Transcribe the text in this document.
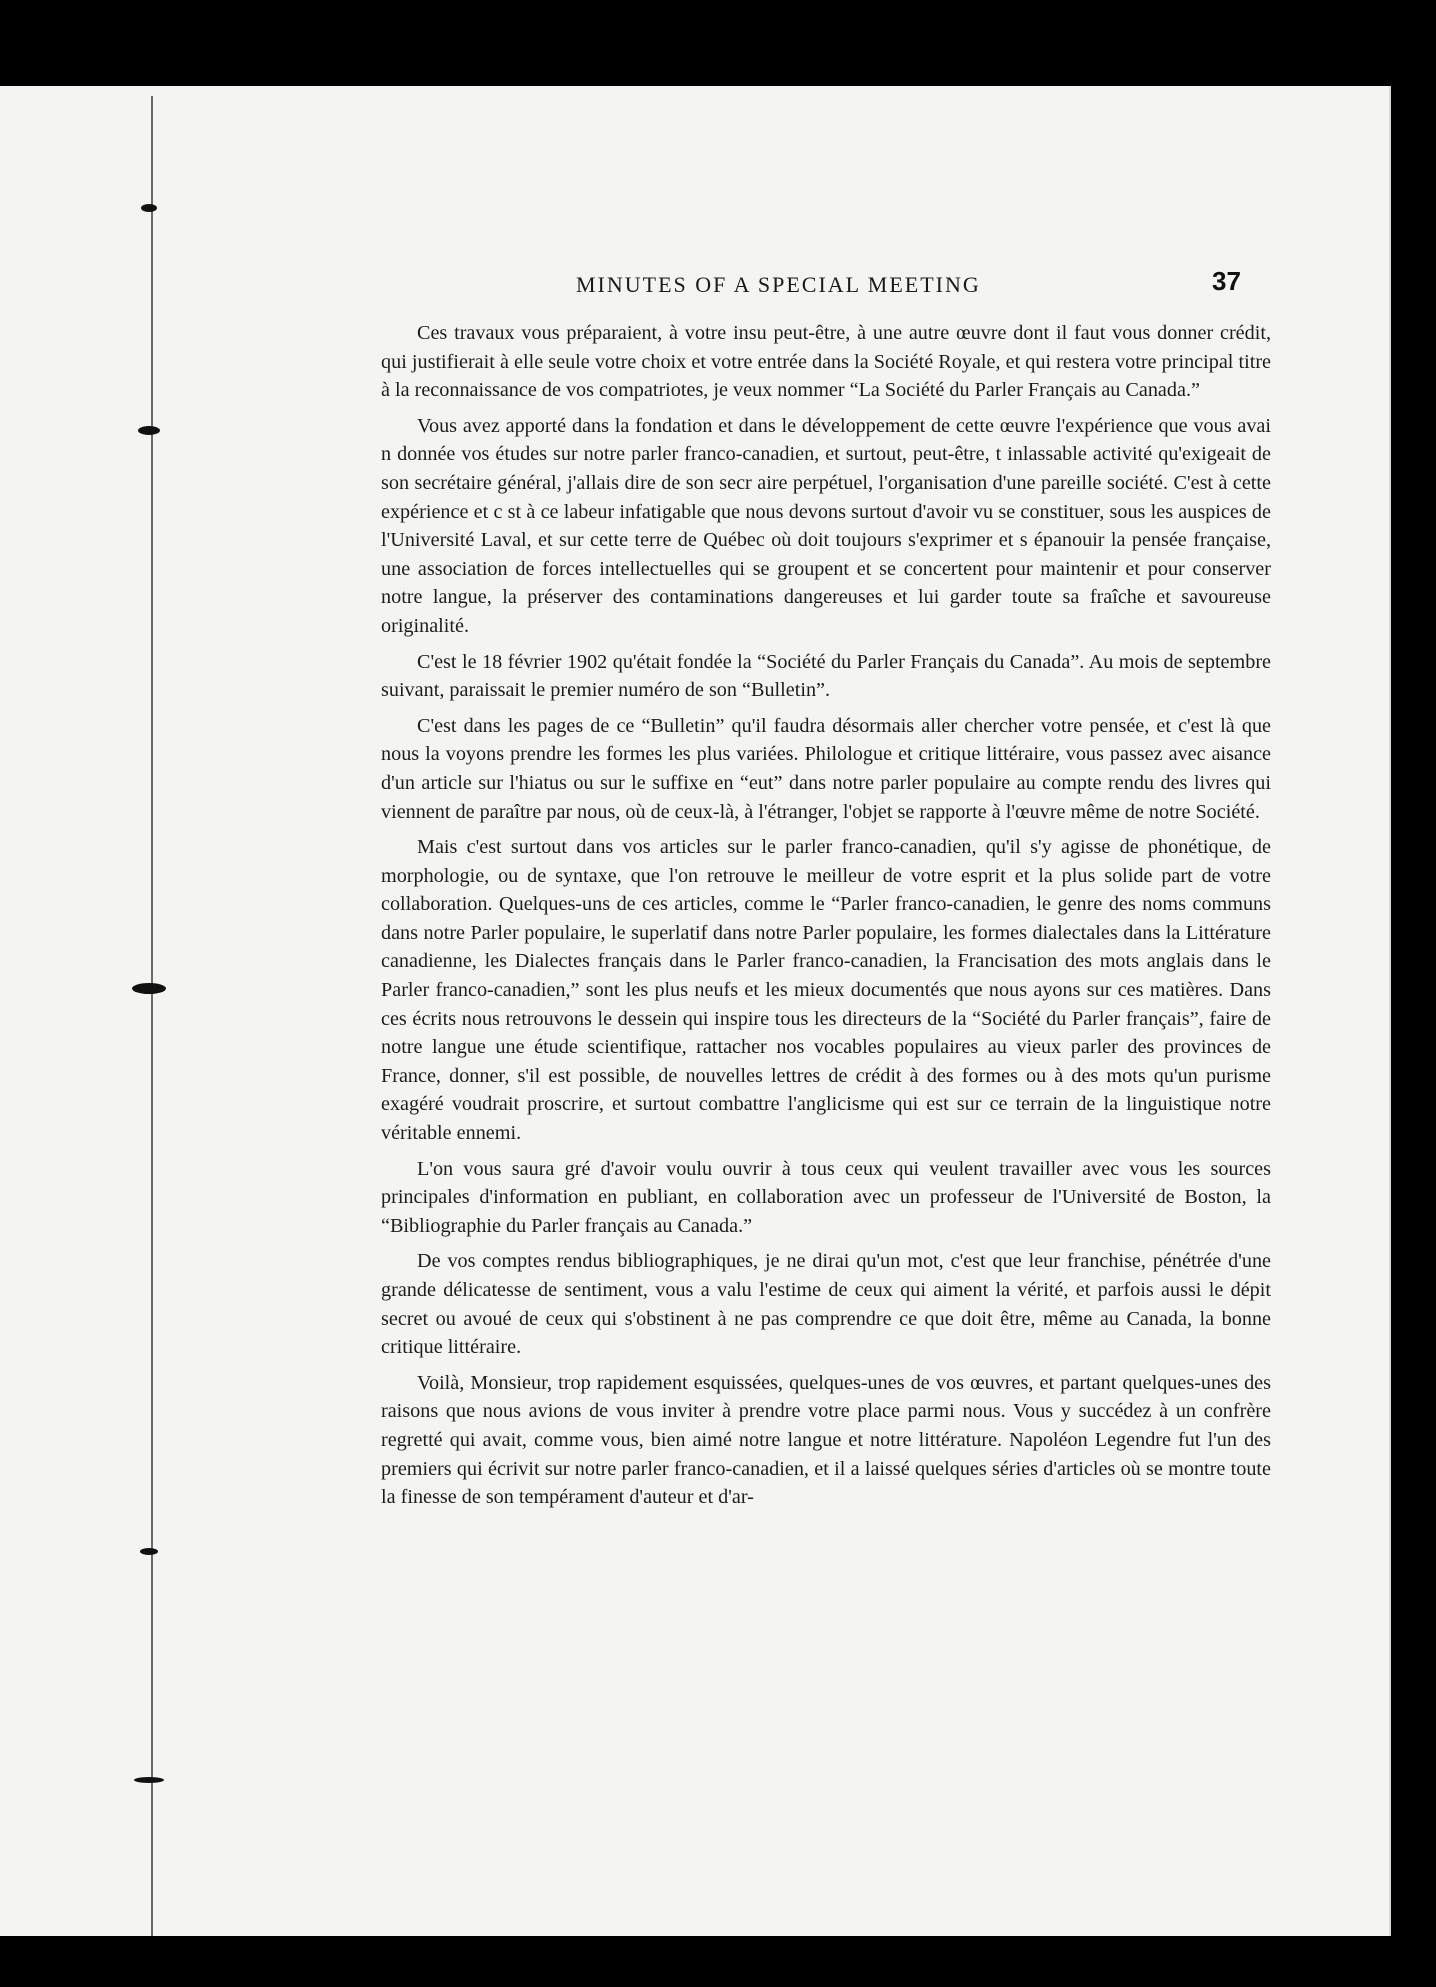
MINUTES OF A SPECIAL MEETING	37

Ces travaux vous préparaient, à votre insu peut-être, à une autre œuvre dont il faut vous donner crédit, qui justifierait à elle seule votre choix et votre entrée dans la Société Royale, et qui restera votre principal titre à la reconnaissance de vos compatriotes, je veux nommer “La Société du Parler Français au Canada.”

Vous avez apporté dans la fondation et dans le développement de cette œuvre l'expérience que vous avai n donnée vos études sur notre parler franco-canadien, et surtout, peut-être, t inlassable activité qu'exigeait de son secrétaire général, j'allais dire de son secr aire perpétuel, l'organisation d'une pareille société. C'est à cette expérience et c st à ce labeur infatigable que nous devons surtout d'avoir vu se constituer, sous les auspices de l'Université Laval, et sur cette terre de Québec où doit toujours s'exprimer et s épanouir la pensée française, une association de forces intellectuelles qui se groupent et se concertent pour maintenir et pour conserver notre langue, la préserver des contaminations dangereuses et lui garder toute sa fraîche et savoureuse originalité.

C'est le 18 février 1902 qu'était fondée la “Société du Parler Français du Canada”. Au mois de septembre suivant, paraissait le premier numéro de son “Bulletin”.

C'est dans les pages de ce “Bulletin” qu'il faudra désormais aller chercher votre pensée, et c'est là que nous la voyons prendre les formes les plus variées. Philologue et critique littéraire, vous passez avec aisance d'un article sur l'hiatus ou sur le suffixe en “eut” dans notre parler populaire au compte rendu des livres qui viennent de paraître par nous, où de ceux-là, à l'étranger, l'objet se rapporte à l'œuvre même de notre Société.

Mais c'est surtout dans vos articles sur le parler franco-canadien, qu'il s'y agisse de phonétique, de morphologie, ou de syntaxe, que l'on retrouve le meilleur de votre esprit et la plus solide part de votre collaboration. Quelques-uns de ces articles, comme le “Parler franco-canadien, le genre des noms communs dans notre Parler populaire, le superlatif dans notre Parler populaire, les formes dialectales dans la Littérature canadienne, les Dialectes français dans le Parler franco-canadien, la Francisation des mots anglais dans le Parler franco-canadien,” sont les plus neufs et les mieux documentés que nous ayons sur ces matières. Dans ces écrits nous retrouvons le dessein qui inspire tous les directeurs de la “Société du Parler français”, faire de notre langue une étude scientifique, rattacher nos vocables populaires au vieux parler des provinces de France, donner, s'il est possible, de nouvelles lettres de crédit à des formes ou à des mots qu'un purisme exagéré voudrait proscrire, et surtout combattre l'anglicisme qui est sur ce terrain de la linguistique notre véritable ennemi.

L'on vous saura gré d'avoir voulu ouvrir à tous ceux qui veulent travailler avec vous les sources principales d'information en publiant, en collaboration avec un professeur de l'Université de Boston, la “Bibliographie du Parler français au Canada.”

De vos comptes rendus bibliographiques, je ne dirai qu'un mot, c'est que leur franchise, pénétrée d'une grande délicatesse de sentiment, vous a valu l'estime de ceux qui aiment la vérité, et parfois aussi le dépit secret ou avoué de ceux qui s'obstinent à ne pas comprendre ce que doit être, même au Canada, la bonne critique littéraire.

Voilà, Monsieur, trop rapidement esquissées, quelques-unes de vos œuvres, et partant quelques-unes des raisons que nous avions de vous inviter à prendre votre place parmi nous. Vous y succédez à un confrère regretté qui avait, comme vous, bien aimé notre langue et notre littérature. Napoléon Legendre fut l'un des premiers qui écrivit sur notre parler franco-canadien, et il a laissé quelques séries d'articles où se montre toute la finesse de son tempérament d'auteur et d'ar-
